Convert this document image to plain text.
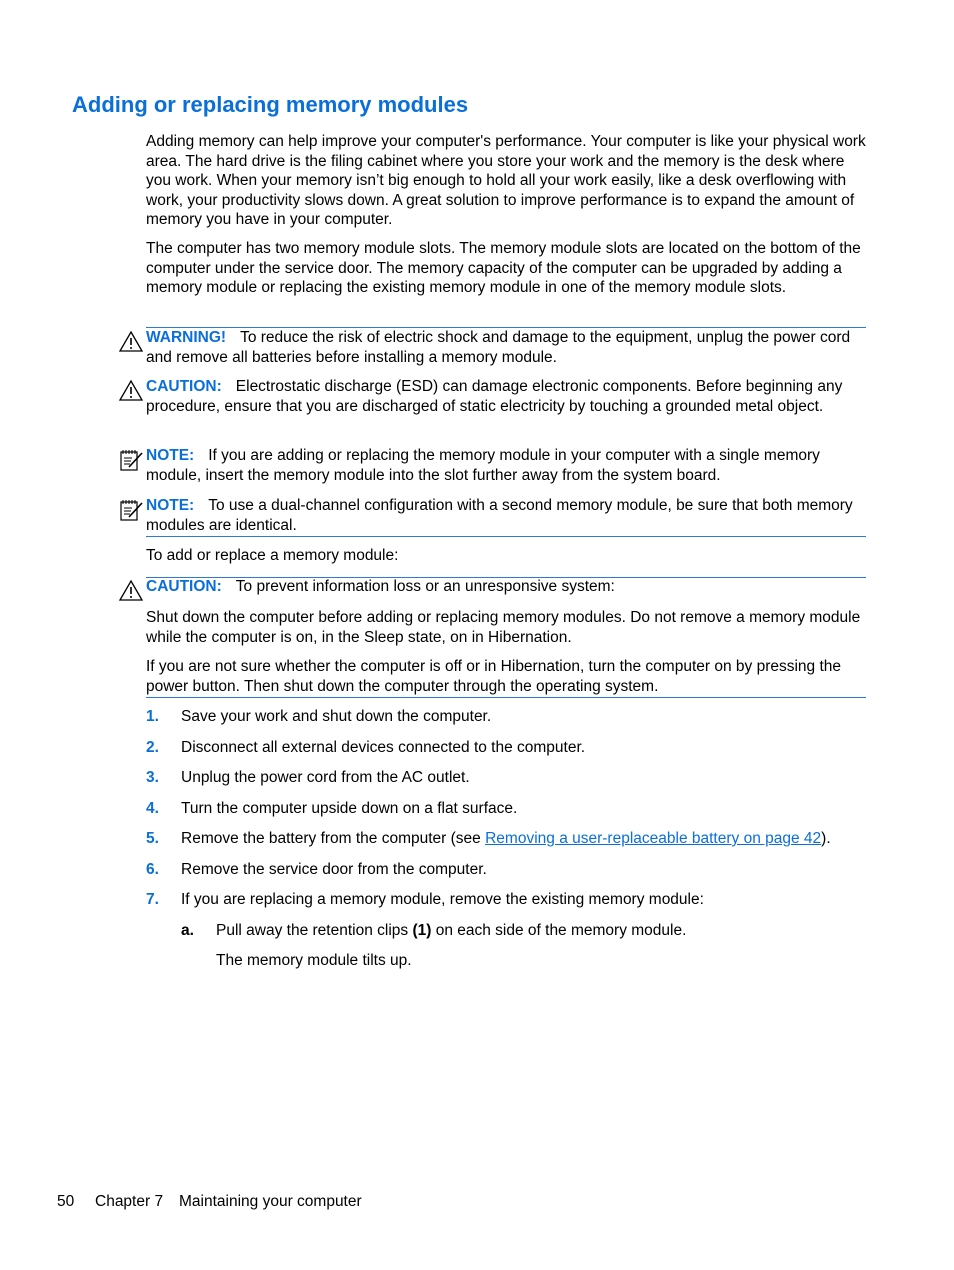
Adding or replacing memory modules

Adding memory can help improve your computer's performance. Your computer is like your physical work area. The hard drive is the filing cabinet where you store your work and the memory is the desk where you work. When your memory isn’t big enough to hold all your work easily, like a desk overflowing with work, your productivity slows down. A great solution to improve performance is to expand the amount of memory you have in your computer.

The computer has two memory module slots. The memory module slots are located on the bottom of the computer under the service door. The memory capacity of the computer can be upgraded by adding a memory module or replacing the existing memory module in one of the memory module slots.

WARNING! To reduce the risk of electric shock and damage to the equipment, unplug the power cord and remove all batteries before installing a memory module.
CAUTION: Electrostatic discharge (ESD) can damage electronic components. Before beginning any procedure, ensure that you are discharged of static electricity by touching a grounded metal object.
NOTE: If you are adding or replacing the memory module in your computer with a single memory module, insert the memory module into the slot further away from the system board.
NOTE: To use a dual-channel configuration with a second memory module, be sure that both memory modules are identical.

To add or replace a memory module:

CAUTION: To prevent information loss or an unresponsive system:

Shut down the computer before adding or replacing memory modules. Do not remove a memory module while the computer is on, in the Sleep state, on in Hibernation.

If you are not sure whether the computer is off or in Hibernation, turn the computer on by pressing the power button. Then shut down the computer through the operating system.

1. Save your work and shut down the computer.
2. Disconnect all external devices connected to the computer.
3. Unplug the power cord from the AC outlet.
4. Turn the computer upside down on a flat surface.
5. Remove the battery from the computer (see Removing a user-replaceable battery on page 42).
6. Remove the service door from the computer.
7. If you are replacing a memory module, remove the existing memory module:
a. Pull away the retention clips (1) on each side of the memory module.
The memory module tilts up.
50 Chapter 7 Maintaining your computer
